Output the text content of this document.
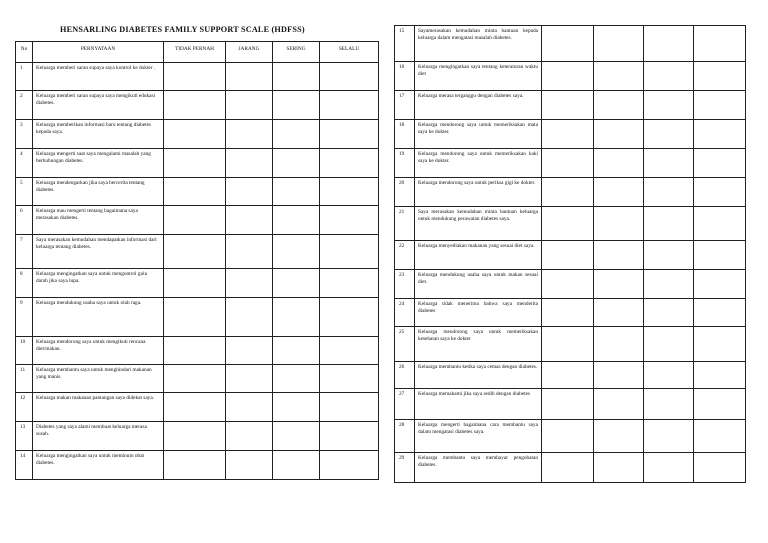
HENSARLING DIABETES FAMILY SUPPORT SCALE (HDFSS)
No	PERNYATAAN	TIDAK PERNAH	JARANG	SERING	SELALU
1	Keluarga memberi saran supaya saya kontrol ke dokter .				
2	Keluarga memberi saran supaya saya mengikuti edukasi diabetes.				
3	Keluarga memberikan informasi baru tentang diabetes kepada saya.				
4	Keluarga mengerti saat saya mengalami masalah yang berhubungan diabetes.				
5	Keluarga mendengarkan jika saya bercerita tentang diabetes.				
6	Keluarga mau mengerti tentang bagaimana saya merasakan diabetes.				
7	Saya merasakan kemudahan mendapatkan informasi dari keluarga tentang diabetes.				
8	Keluarga mengingatkan saya untuk mengontrol gula darah jika saya lupa.				
9	Keluarga mendukung usaha saya untuk olah raga.				
10	Keluarga mendorong saya untuk mengikuti rencana diet/makan.				
11	Keluarga membantu saya untuk menghindari makanan yang manis.				
12	Keluarga makan makanan pantangan saya didekat saya.				
13	Diabetes yang saya alami membuat keluarga merasa susah.				
14	Keluarga mengingatkan saya untuk meminum obat diabetes.				
15	Sayamerasakan kemudahan minta bantuan kepada keluarga dalam mengatasi masalah diabetes.				
16	Keluarga mengingatkan saya tentang keteraturan waktu diet				
17	Keluarga merasa terganggu dengan diabetes saya.				
18	Keluarga mendorong saya untuk memeriksakan mata saya ke dokter.				
19	Keluarga mendorong saya untuk memeriksakan kaki saya ke dokter.				
20	Keluarga mendorong saya untuk periksa gigi ke dokter.				
21	Saya merasakan kemudahan minta bantuan keluarga untuk mendukung perawatan diabetes saya.				
22	Keluarga menyediakan makanan yang sesuai diet saya.				
23	Keluarga mendukung usaha saya untuk makan sesuai diet.				
24	Keluarga tidak menerima bahwa saya menderita diabetes				
25	Keluarga mendorong saya untuk memeriksakan kesehatan saya ke dokter				
26	Keluarga membantu ketika saya cemas dengan diabetes.				
27	Keluarga memahami jika saya sedih dengan diabetes				
28	Keluarga mengerti bagaimana cara membantu saya dalam mengatasi diabetes saya.				
29	Keluarga membantu saya membayar pengobatan diabetes.				
